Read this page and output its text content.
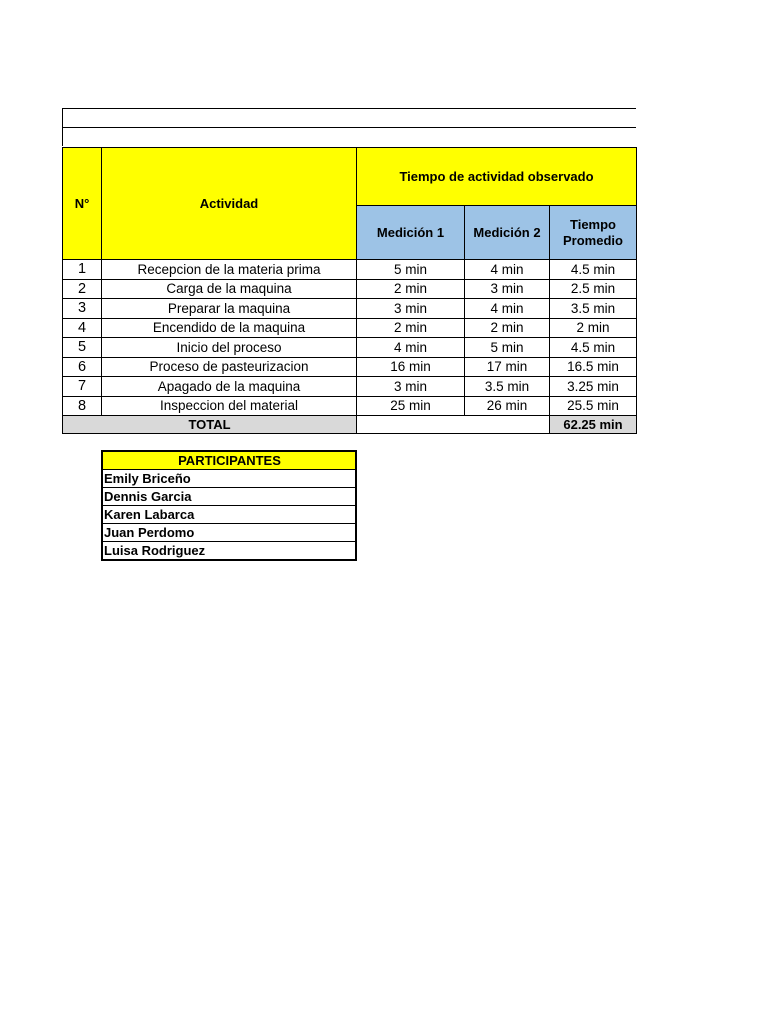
N°	Actividad	Tiempo de actividad observado		
		Medición 1	Medición 2	Tiempo Promedio
1	Recepcion de la materia prima	5 min	4 min	4.5 min
2	Carga de la maquina	2 min	3 min	2.5 min
3	Preparar la maquina	3 min	4 min	3.5 min
4	Encendido de la maquina	2 min	2 min	2 min
5	Inicio del proceso	4 min	5 min	4.5 min
6	Proceso de pasteurizacion	16 min	17 min	16.5 min
7	Apagado de la maquina	3 min	3.5 min	3.25 min
8	Inspeccion del material	25 min	26 min	25.5 min
TOTAL				62.25 min
PARTICIPANTES
Emily Briceño
Dennis Garcia
Karen Labarca
Juan Perdomo
Luisa Rodriguez
